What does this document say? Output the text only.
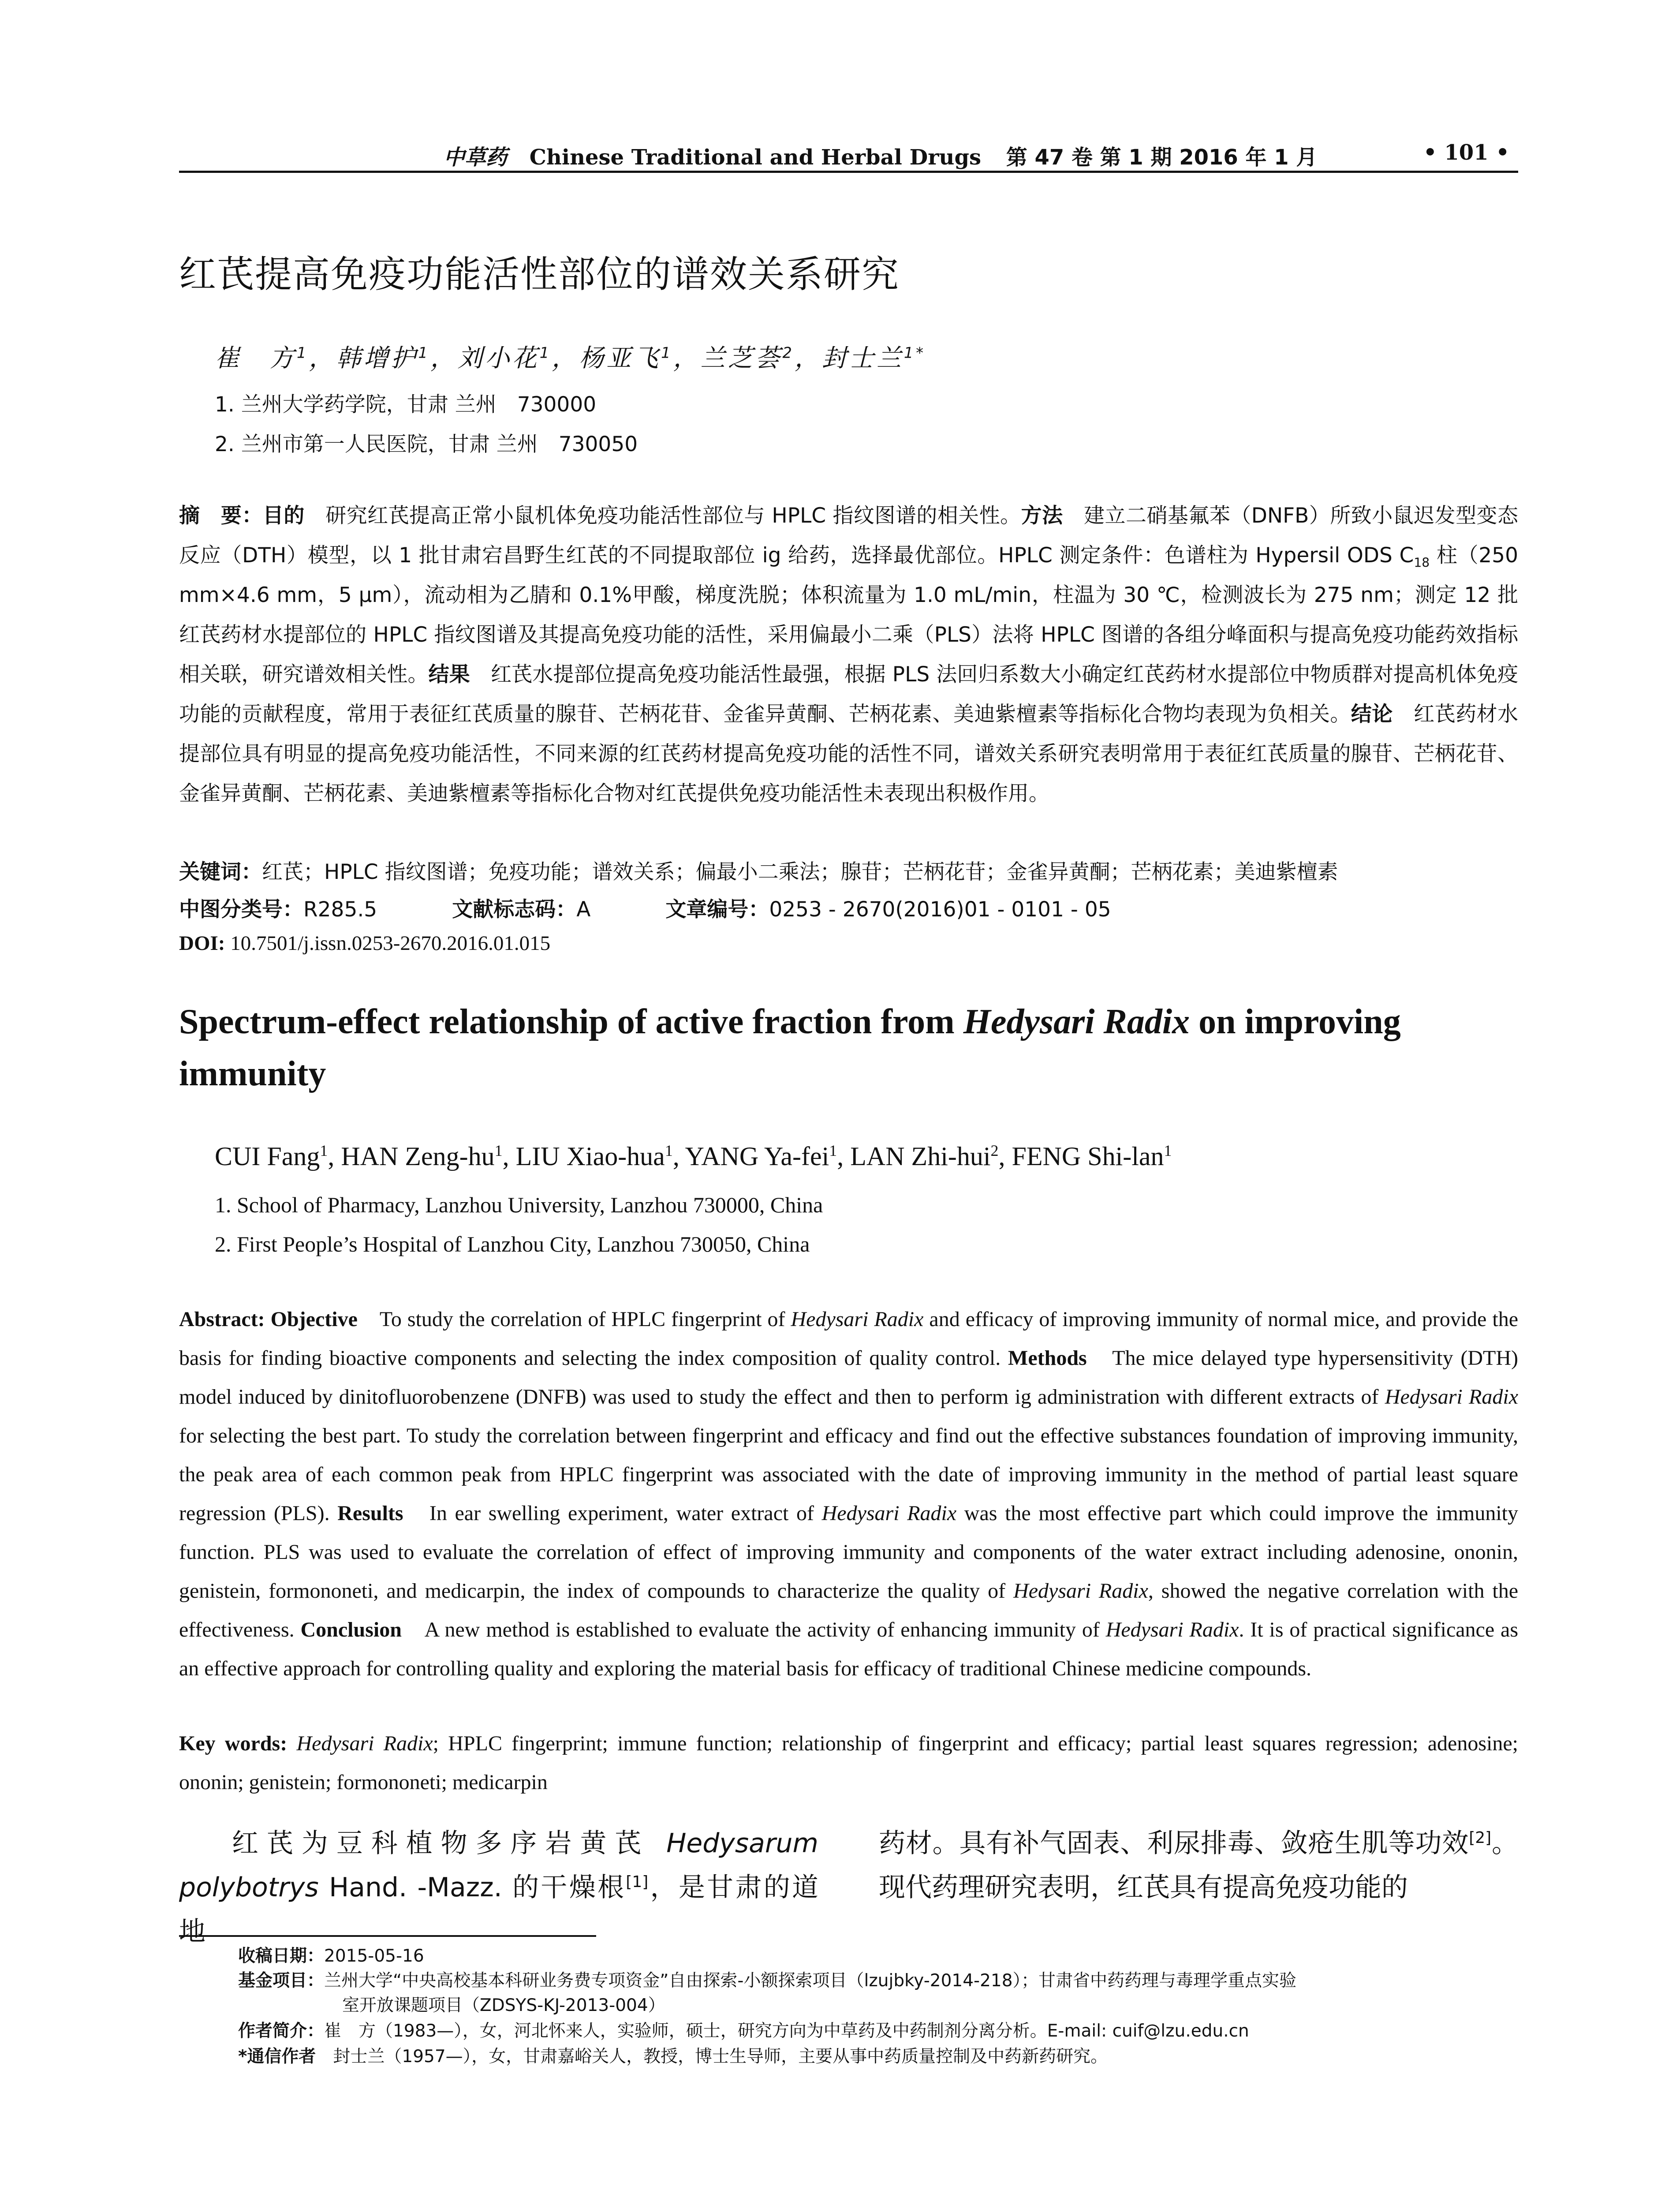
中草药 Chinese Traditional and Herbal Drugs 第 47 卷 第 1 期 2016 年 1 月	• 101 •
红芪提高免疫功能活性部位的谱效关系研究
崔　方$^1$，韩增护$^1$，刘小花$^1$，杨亚飞$^1$，兰芝荟$^2$，封士兰$^{1*}$
1. 兰州大学药学院，甘肃 兰州　730000
2. 兰州市第一人民医院，甘肃 兰州　730050
摘　要：目的　研究红芪提高正常小鼠机体免疫功能活性部位与 HPLC 指纹图谱的相关性。方法　建立二硝基氟苯（DNFB）所致小鼠迟发型变态反应（DTH）模型，以 1 批甘肃宕昌野生红芪的不同提取部位 ig 给药，选择最优部位。HPLC 测定条件：色谱柱为 Hypersil ODS $C_{18}$ 柱（250 mm×4.6 mm，5 μm），流动相为乙腈和 0.1%甲酸，梯度洗脱；体积流量为 1.0 mL/min，柱温为 30 ℃，检测波长为 275 nm；测定 12 批红芪药材水提部位的 HPLC 指纹图谱及其提高免疫功能的活性，采用偏最小二乘（PLS）法将 HPLC 图谱的各组分峰面积与提高免疫功能药效指标相关联，研究谱效相关性。结果　红芪水提部位提高免疫功能活性最强，根据 PLS 法回归系数大小确定红芪药材水提部位中物质群对提高机体免疫功能的贡献程度，常用于表征红芪质量的腺苷、芒柄花苷、金雀异黄酮、芒柄花素、美迪紫檀素等指标化合物均表现为负相关。结论　红芪药材水提部位具有明显的提高免疫功能活性，不同来源的红芪药材提高免疫功能的活性不同，谱效关系研究表明常用于表征红芪质量的腺苷、芒柄花苷、金雀异黄酮、芒柄花素、美迪紫檀素等指标化合物对红芪提供免疫功能活性未表现出积极作用。
关键词：红芪；HPLC 指纹图谱；免疫功能；谱效关系；偏最小二乘法；腺苷；芒柄花苷；金雀异黄酮；芒柄花素；美迪紫檀素
中图分类号：R285.5	文献标志码：A	文章编号：0253 - 2670(2016)01 - 0101 - 05
DOI: 10.7501/j.issn.0253-2670.2016.01.015
Spectrum-effect relationship of active fraction from Hedysari Radix on improving immunity
CUI Fang$^1$, HAN Zeng-$hu^1$, LIU Xiao-hua$^1$, YANG Ya-fei$^1$, LAN Zhi-hui$^2$, FENG Shi-lan$^1$
1. School of Pharmacy, Lanzhou University, Lanzhou 730000, China
2. First People’s Hospital of Lanzhou City, Lanzhou 730050, China
Abstract: Objective　To study the correlation of HPLC fingerprint of Hedysari Radix and efficacy of improving immunity of normal mice, and provide the basis for finding bioactive components and selecting the index composition of quality control. Methods　The mice delayed type hypersensitivity (DTH) model induced by dinitofluorobenzene (DNFB) was used to study the effect and then to perform ig administration with different extracts of Hedysari Radix for selecting the best part. To study the correlation between fingerprint and efficacy and find out the effective substances foundation of improving immunity, the peak area of each common peak from HPLC fingerprint was associated with the date of improving immunity in the method of partial least square regression (PLS). Results　In ear swelling experiment, water extract of Hedysari Radix was the most effective part which could improve the immunity function. PLS was used to evaluate the correlation of effect of improving immunity and components of the water extract including adenosine, ononin, genistein, formononeti, and medicarpin, the index of compounds to characterize the quality of Hedysari Radix, showed the negative correlation with the effectiveness. Conclusion　A new method is established to evaluate the activity of enhancing immunity of Hedysari Radix. It is of practical significance as an effective approach for controlling quality and exploring the material basis for efficacy of traditional Chinese medicine compounds.
Key words: Hedysari Radix; HPLC fingerprint; immune function; relationship of fingerprint and efficacy; partial least squares regression; adenosine; ononin; genistein; formononeti; medicarpin
红芪为豆科植物多序岩黄芪 Hedysarum polybotrys Hand. -Mazz. 的干燥根[1]，是甘肃的道地
药材。具有补气固表、利尿排毒、敛疮生肌等功效[2]。现代药理研究表明，红芪具有提高免疫功能的
收稿日期：2015-05-16
基金项目：兰州大学“中央高校基本科研业务费专项资金”自由探索-小额探索项目（lzujbky-2014-218）；甘肃省中药药理与毒理学重点实验
室开放课题项目（ZDSYS-KJ-2013-004）
作者简介：崔　方（1983—），女，河北怀来人，实验师，硕士，研究方向为中草药及中药制剂分离分析。E-mail: cuif@lzu.edu.cn
*通信作者　封士兰（1957—），女，甘肃嘉峪关人，教授，博士生导师，主要从事中药质量控制及中药新药研究。
